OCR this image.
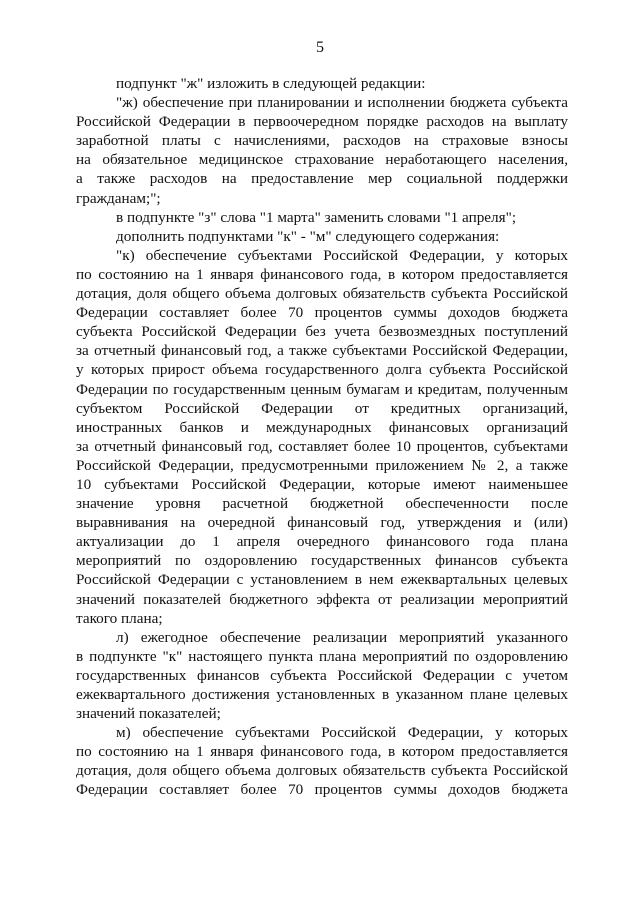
5
подпункт "ж" изложить в следующей редакции:
"ж) обеспечение при планировании и исполнении бюджета субъекта
Российской Федерации в первоочередном порядке расходов на выплату
заработной платы с начислениями, расходов на страховые взносы
на обязательное медицинское страхование неработающего населения,
а также расходов на предоставление мер социальной поддержки
гражданам;";
в подпункте "з" слова "1 марта" заменить словами "1 апреля";
дополнить подпунктами "к" - "м" следующего содержания:
"к) обеспечение субъектами Российской Федерации, у которых
по состоянию на 1 января финансового года, в котором предоставляется
дотация, доля общего объема долговых обязательств субъекта Российской
Федерации составляет более 70 процентов суммы доходов бюджета
субъекта Российской Федерации без учета безвозмездных поступлений
за отчетный финансовый год, а также субъектами Российской Федерации,
у которых прирост объема государственного долга субъекта Российской
Федерации по государственным ценным бумагам и кредитам, полученным
субъектом Российской Федерации от кредитных организаций,
иностранных банков и международных финансовых организаций
за отчетный финансовый год, составляет более 10 процентов, субъектами
Российской Федерации, предусмотренными приложением № 2, а также
10 субъектами Российской Федерации, которые имеют наименьшее
значение уровня расчетной бюджетной обеспеченности после
выравнивания на очередной финансовый год, утверждения и (или)
актуализации до 1 апреля очередного финансового года плана
мероприятий по оздоровлению государственных финансов субъекта
Российской Федерации с установлением в нем ежеквартальных целевых
значений показателей бюджетного эффекта от реализации мероприятий
такого плана;
л) ежегодное обеспечение реализации мероприятий указанного
в подпункте "к" настоящего пункта плана мероприятий по оздоровлению
государственных финансов субъекта Российской Федерации с учетом
ежеквартального достижения установленных в указанном плане целевых
значений показателей;
м) обеспечение субъектами Российской Федерации, у которых
по состоянию на 1 января финансового года, в котором предоставляется
дотация, доля общего объема долговых обязательств субъекта Российской
Федерации составляет более 70 процентов суммы доходов бюджета
